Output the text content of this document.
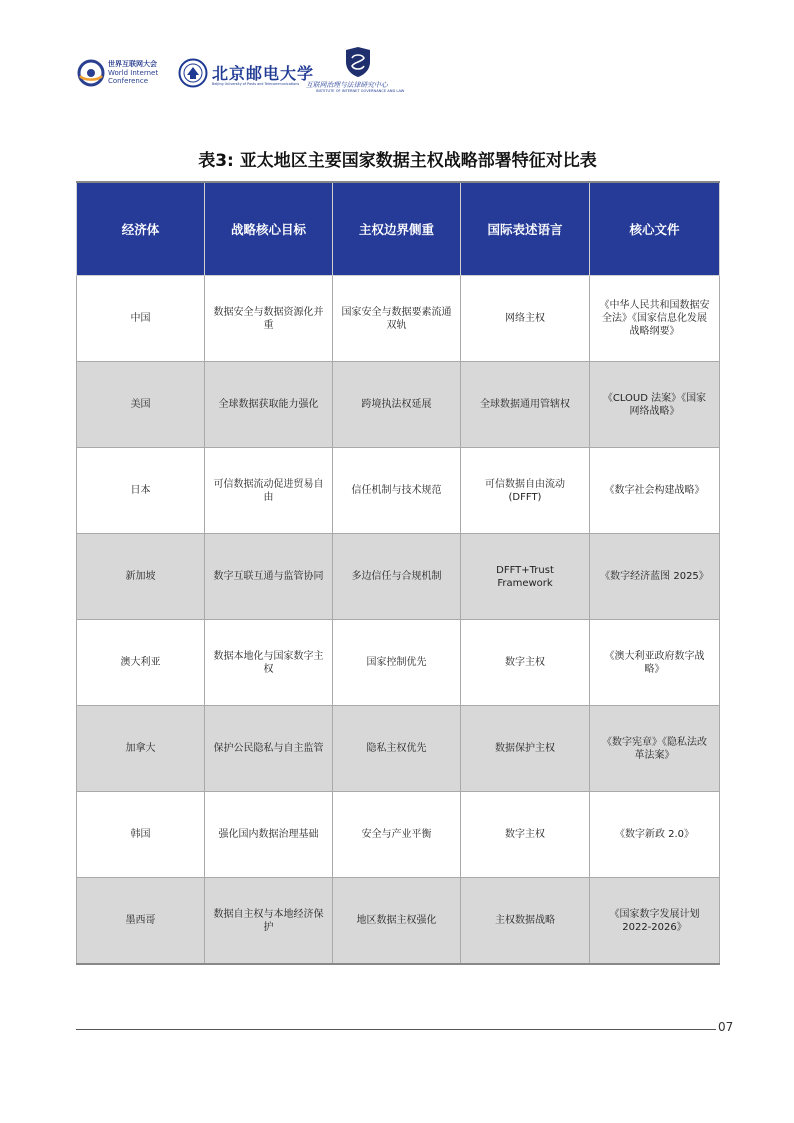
世界互联网大会
World Internet
Conference	北京邮电大学
Beijing University of Posts and Telecommunications 互联网治理与法律研究中心
INSTITUTE OF INTERNET GOVERNANCE AND LAW
表3: 亚太地区主要国家数据主权战略部署特征对比表
经济体	战略核心目标	主权边界侧重	国际表述语言	核心文件
中国	数据安全与数据资源化并重	国家安全与数据要素流通双轨	网络主权	《中华人民共和国数据安全法》《国家信息化发展战略纲要》
美国	全球数据获取能力强化	跨境执法权延展	全球数据通用管辖权	《CLOUD 法案》《国家网络战略》
日本	可信数据流动促进贸易自由	信任机制与技术规范	可信数据自由流动(DFFT)	《数字社会构建战略》
新加坡	数字互联互通与监管协同	多边信任与合规机制	DFFT+Trust Framework	《数字经济蓝图 2025》
澳大利亚	数据本地化与国家数字主权	国家控制优先	数字主权	《澳大利亚政府数字战略》
加拿大	保护公民隐私与自主监管	隐私主权优先	数据保护主权	《数字宪章》《隐私法改革法案》
韩国	强化国内数据治理基础	安全与产业平衡	数字主权	《数字新政 2.0》
墨西哥	数据自主权与本地经济保护	地区数据主权强化	主权数据战略	《国家数字发展计划 2022-2026》
07
